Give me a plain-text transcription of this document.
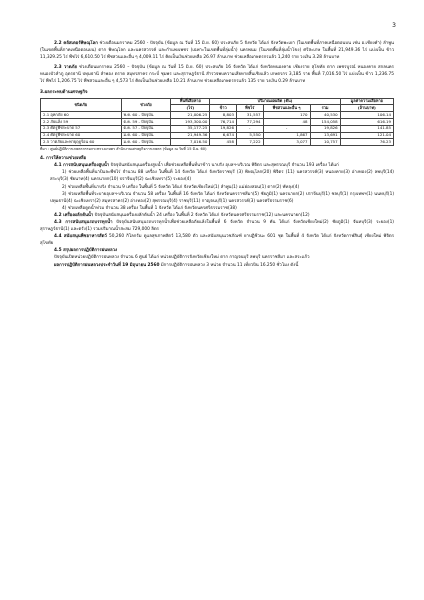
3

2.2 คลัสเตอร์พิษณุโลก ช่วงเดือนมกราคม 2560 - ปัจจุบัน (ข้อมูล ณ วันที่ 15 มิ.ย. 60) ประสบภัย 5 จังหวัด ได้แก่ จังหวัดพะเยา (ในเขตพื้นที่ภาคเหนือตอนบน เช่น อ.เชียงคำ) ลำพูน (ในเขตพื้นที่ภาคเหนือตอนบน) ตาก พิษณุโลก และนครสวรรค์ และกำแพงเพชร (เฉพาะในเขตพื้นที่ลุ่มน้ำ) นครพนม (ในเขตพื้นที่ลุ่มน้ำโขง) ศรีสะเกษ ในพื้นที่ 21,949.36 ไร่ แบ่งเป็น ข้าว 11,329.25 ไร่ พืชไร่ 6,610.50 ไร่ พืชสวนและอื่น ๆ 4,009.11 ไร่ คิดเป็นเงินช่วยเหลือ 26.97 ล้านบาท ช่วยเหลือเกษตรกรแล้ว 1,240 ราย วงเงิน 3.28 ล้านบาท

2.3 วาตภัย ช่วงเดือนมกราคม 2560 – ปัจจุบัน (ข้อมูล ณ วันที่ 15 มิ.ย. 60) ประสบภัย 16 จังหวัด ได้แก่ จังหวัดหนองคาย เชียงราย สุโขทัย ตาก เพชรบูรณ์ หนองคาย สกลนคร หนองบัวลำภู อุดรธานี ปทุมธานี ลำพอง ตราด สมุทรสาคร กระบี่ ชุมพร และสุราษฎร์ธานี สำรวจพบความเสียหายสิ้นเชิงแล้ว เกษตรกร 3,185 ราย พื้นที่ 7,016.50 ไร่ แบ่งเป็น ข้าว 1,236.75 ไร่ พืชไร่ 1,206.75 ไร่ พืชสวนและอื่น ๆ 4,573 ไร่ คิดเป็นเงินช่วยเหลือ 10.21 ล้านบาท ช่วยเหลือเกษตรกรแล้ว 135 ราย วงเงิน 0.29 ล้านบาท

3.ผลกระทบด้านเศรษฐกิจ

ชนิดภัย	ช่วงภัย	พื้นที่เสียหาย	ปริมาณผลผลิต (ตัน)				มูลค่าความเสียหาย
		(ไร่)	ข้าว	พืชไร่	พืชสวนและอื่น ๆ	รวม	(ล้านบาท)
2.1 อุทกภัย 60	พ.ค. 60 - ปัจจุบัน	21,006.25	8,803	31,557	170	40,530	106.14
2.2 ภัยแล้ง 59	ต.ค. 59 - ปัจจุบัน	193,300.00	76,714	77,294	48	154,058	616.19
2.3 ศัตรูพืชระบาด 57	ต.ค. 57 - ปัจจุบัน	35,177.25	19,826	-	-	19,826	141.85
2.4 ศัตรูพืชระบาด 60	ม.ค. 60 - ปัจจุบัน	21,949.36	6,674	5,550	1,867	13,691	121.04
2.5 วาตภัยและพายุฤดูร้อน 60	ม.ค. 60 - ปัจจุบัน	7,016.50	458	7,222	3,077	10,757	76.23

ที่มา : ศูนย์ปฏิบัติการเกษตรกรรมกระทรวงเกษตร สำนักงานเศรษฐกิจการเกษตร (ข้อมูล ณ วันที่ 15 มิ.ย. 60)

4. การให้ความช่วยเหลือ

4.1 การสนับสนุนเครื่องสูบน้ำ ปัจจุบันสนับสนุนเครื่องสูบน้ำ เพื่อช่วยเหลือพื้นที่นาข้าว นาปรัง อุบลฯ-บริเวณ พิจิตร และสุพรรณบุรี จำนวน 193 เครื่อง ได้แก่

1) ช่วยเหลือพื้นที่นาปีและพืชไร่ จำนวน 88 เครื่อง ในพื้นที่ 14 จังหวัด ได้แก่ จังหวัดราชบุรี (3) พิษณุโลก(20) พิจิตร (11) นครสวรรค์(3) หนองคาย(3) อ่างทอง(2) ลพบุรี(14) สระบุรี(3) ชัยนาท(4) นครนายก(10) ปราจีนบุรี(2) ฉะเชิงเทรา(5) ระยอง(4)

2) ช่วยเหลือพื้นที่นาปรัง จำนวน 9 เครื่อง ในพื้นที่ 5 จังหวัด ได้แก่ จังหวัดเชียงใหม่(1) ลำพูน(1) แม่ฮ่องสอน(1) ตาก(2) พัทลุง(4)

3) ช่วยเหลือพื้นที่ระบายอุบลฯ-บริเวณ จำนวน 58 เครื่อง ในพื้นที่ 16 จังหวัด ได้แก่ จังหวัดนครราชสีมา(5) ชัยภูมิ(1) นครนายก(2) ปราจีนบุรี(1) ชลบุรี(1) กรุงเทพฯ(1) นนทบุรี(1) ปทุมธานี(4) ฉะเชิงเทรา(2) สมุทรสาคร(2) อ่างทอง(2) สุพรรณบุรี(4) ราชบุรี(11) กาญจนบุรี(1) นครสวรรค์(3) นครศรีธรรมราช(6)

4) ช่วยเหลือดูดน้ำท่วม จำนวน 38 เครื่อง ในพื้นที่ 1 จังหวัด ได้แก่ จังหวัดนครศรีธรรมราช(38)

4.2 เครื่องผลักดันน้ำ ปัจจุบันสนับสนุนเครื่องผลักดันน้ำ 24 เครื่อง ในพื้นที่ 2 จังหวัด ได้แก่ จังหวัดนครศรีธรรมราช(12) และนครนายก(12)

4.3 การสนับสนุนรถบรรทุกน้ำ ปัจจุบันสนับสนุนรถบรรทุกน้ำเพื่อช่วยเหลือภัยแล้งในพื้นที่ 6 จังหวัด จำนวน 9 คัน ได้แก่ จังหวัดเชียงใหม่(2) ชัยภูมิ(1) จันทบุรี(3) ระยอง(1) สุราษฎร์ธานี(1) และตรัง(1) รวมปริมาณน้ำสะสม 729,000 ลิตร

4.4 สนับสนุนพืชอาหารสัตว์ 50,260 กิโลกรัม ดูแลสุขภาพสัตว์ 13,580 ตัว และสนับสนุนเวชภัณฑ์ ยาปฏิชีวนะ 601 ชุด ในพื้นที่ 4 จังหวัด ได้แก่ จังหวัดกาฬสินธุ์ เชียงใหม่ พิจิตร สุโขทัย

4.5 สรุปผลการปฏิบัติการฝนหลวง

ปัจจุบันเปิดหน่วยปฏิบัติการฝนหลวง จำนวน 6 ศูนย์ ได้แก่ หน่วยปฏิบัติการจังหวัดเชียงใหม่ ตาก กาญจนบุรี ลพบุรี นครราชสีมา และสระแก้ว

ผลการปฏิบัติการฝนหลวงประจำวันที่ 19 มิถุนายน 2560 มีการปฏิบัติการฝนหลวง 3 หน่วย จำนวน 11 เที่ยวบิน 16.250 ชั่วโมง ดังนี้
